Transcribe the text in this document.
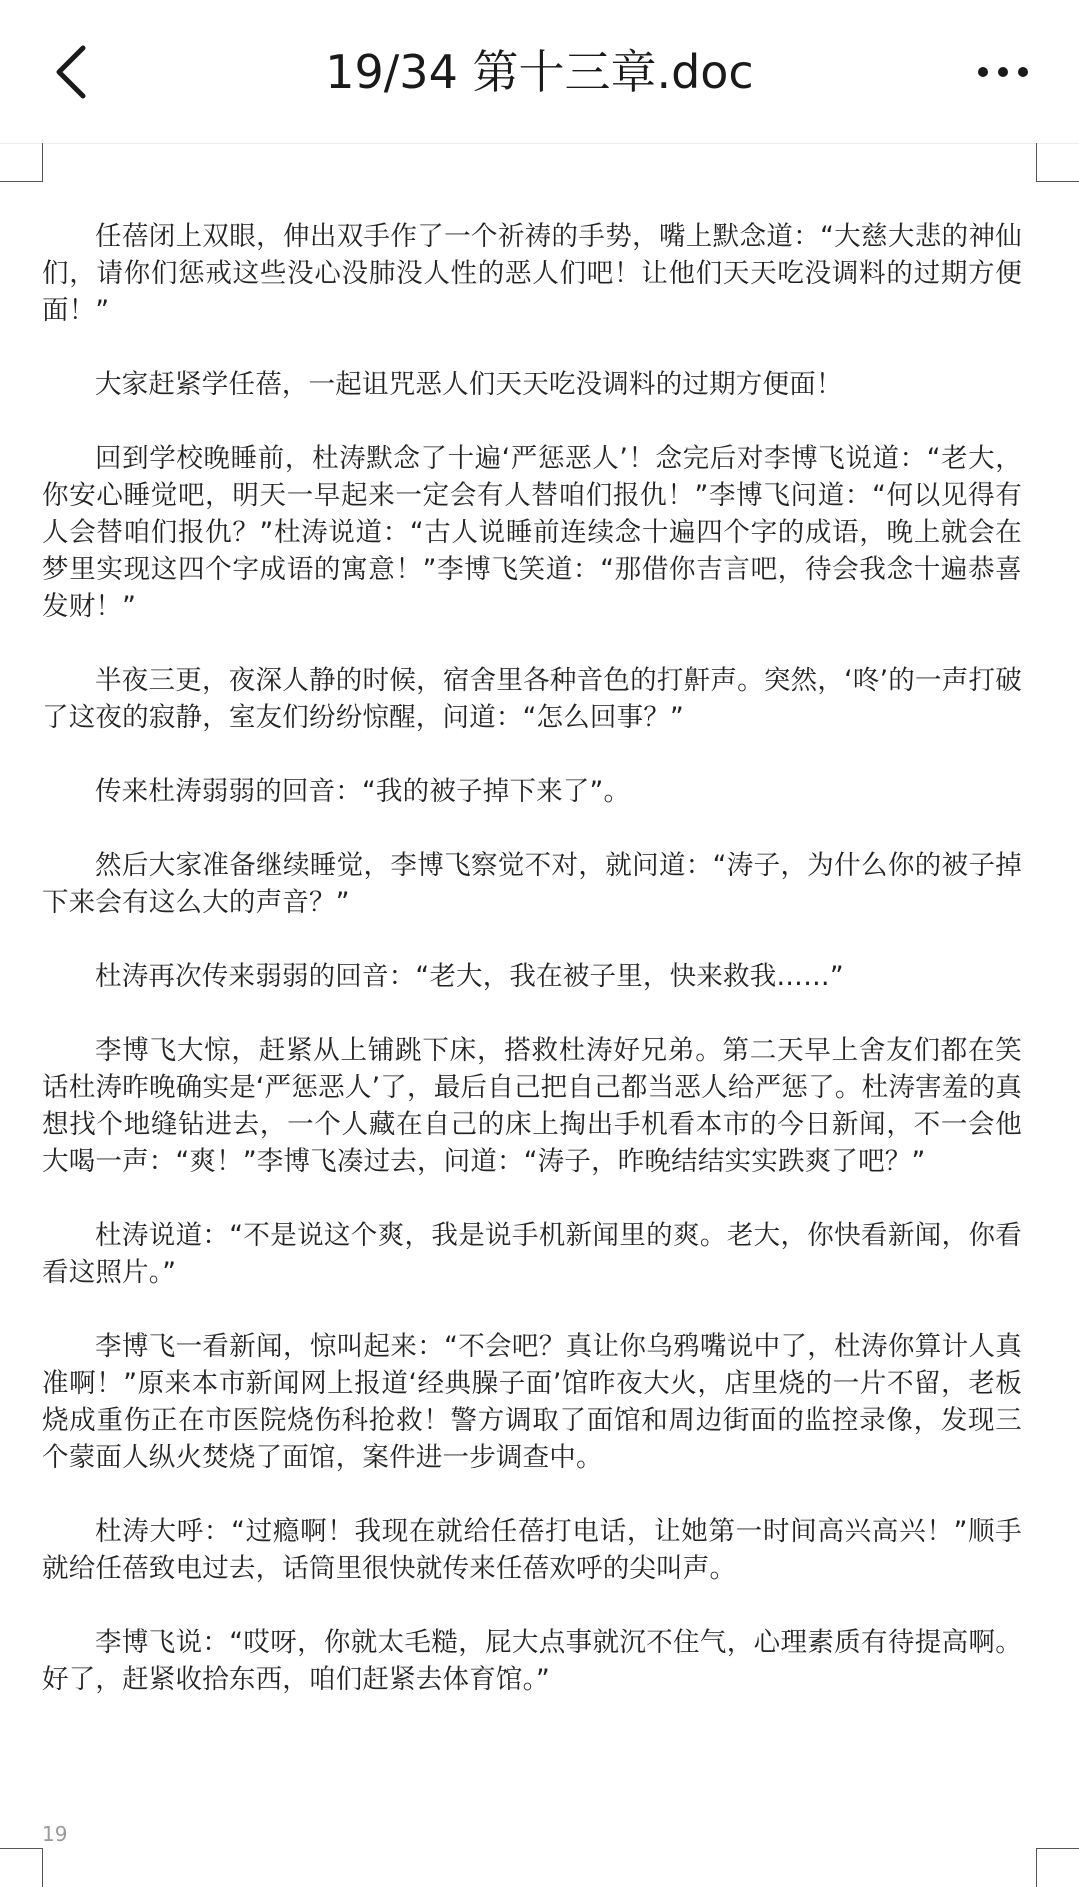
19/34 第十三章.doc

任蓓闭上双眼，伸出双手作了一个祈祷的手势，嘴上默念道：“大慈大悲的神仙们，请你们惩戒这些没心没肺没人性的恶人们吧！让他们天天吃没调料的过期方便面！”

大家赶紧学任蓓，一起诅咒恶人们天天吃没调料的过期方便面！

回到学校晚睡前，杜涛默念了十遍‘严惩恶人’！念完后对李博飞说道：“老大，你安心睡觉吧，明天一早起来一定会有人替咱们报仇！”李博飞问道：“何以见得有人会替咱们报仇？”杜涛说道：“古人说睡前连续念十遍四个字的成语，晚上就会在梦里实现这四个字成语的寓意！”李博飞笑道：“那借你吉言吧，待会我念十遍恭喜发财！”

半夜三更，夜深人静的时候，宿舍里各种音色的打鼾声。突然，‘咚’的一声打破了这夜的寂静，室友们纷纷惊醒，问道：“怎么回事？”

传来杜涛弱弱的回音：“我的被子掉下来了”。

然后大家准备继续睡觉，李博飞察觉不对，就问道：“涛子，为什么你的被子掉下来会有这么大的声音？”

杜涛再次传来弱弱的回音：“老大，我在被子里，快来救我……”

李博飞大惊，赶紧从上铺跳下床，搭救杜涛好兄弟。第二天早上舍友们都在笑话杜涛昨晚确实是‘严惩恶人’了，最后自己把自己都当恶人给严惩了。杜涛害羞的真想找个地缝钻进去，一个人藏在自己的床上掏出手机看本市的今日新闻，不一会他大喝一声：“爽！”李博飞凑过去，问道：“涛子，昨晚结结实实跌爽了吧？”

杜涛说道：“不是说这个爽，我是说手机新闻里的爽。老大，你快看新闻，你看看这照片。”

李博飞一看新闻，惊叫起来：“不会吧？真让你乌鸦嘴说中了，杜涛你算计人真准啊！”原来本市新闻网上报道‘经典臊子面’馆昨夜大火，店里烧的一片不留，老板烧成重伤正在市医院烧伤科抢救！警方调取了面馆和周边街面的监控录像，发现三个蒙面人纵火焚烧了面馆，案件进一步调查中。

杜涛大呼：“过瘾啊！我现在就给任蓓打电话，让她第一时间高兴高兴！”顺手就给任蓓致电过去，话筒里很快就传来任蓓欢呼的尖叫声。

李博飞说：“哎呀，你就太毛糙，屁大点事就沉不住气，心理素质有待提高啊。好了，赶紧收拾东西，咱们赶紧去体育馆。”

19
